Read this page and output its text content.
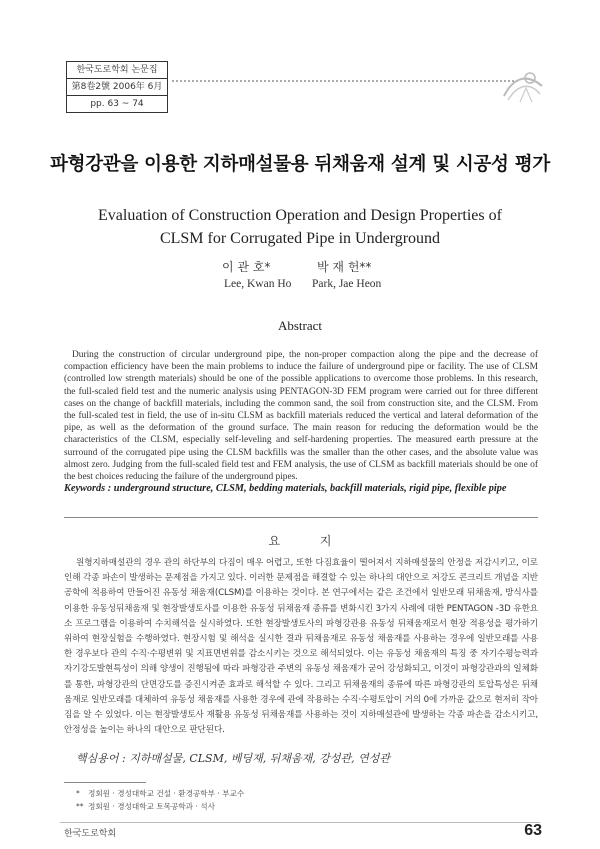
한국도로학회 논문집
第8卷2號 2006年 6月
pp. 63 ~ 74
파형강관을 이용한 지하매설물용 뒤채움재 설계 및 시공성 평가
Evaluation of Construction Operation and Design Properties of CLSM for Corrugated Pipe in Underground
이 관 호*	박 재 헌**
Lee, Kwan Ho Park, Jae Heon
Abstract
During the construction of circular underground pipe, the non-proper compaction along the pipe and the decrease of compaction efficiency have been the main problems to induce the failure of underground pipe or facility. The use of CLSM (controlled low strength materials) should be one of the possible applications to overcome those problems. In this research, the full-scaled field test and the numeric analysis using PENTAGON-3D FEM program were carried out for three different cases on the change of backfill materials, including the common sand, the soil from construction site, and the CLSM. From the full-scaled test in field, the use of in-situ CLSM as backfill materials reduced the vertical and lateral deformation of the pipe, as well as the deformation of the ground surface. The main reason for reducing the deformation would be the characteristics of the CLSM, especially self-leveling and self-hardening properties. The measured earth pressure at the surround of the corrugated pipe using the CLSM backfills was the smaller than the other cases, and the absolute value was almost zero. Judging from the full-scaled field test and FEM analysis, the use of CLSM as backfill materials should be one of the best choices reducing the failure of the underground pipes.
Keywords : underground structure, CLSM, bedding materials, backfill materials, rigid pipe, flexible pipe
요 지
원형지하매설관의 경우 관의 하단부의 다짐이 매우 어렵고, 또한 다짐효율이 떨어져서 지하매설물의 안정을 저감시키고, 이로 인해 각종 파손이 발생하는 문제점을 가지고 있다. 이러한 문제점을 해결할 수 있는 하나의 대안으로 저강도 콘크리트 개념을 지반공학에 적용하여 만들어진 유동성 채움재(CLSM)를 이용하는 것이다. 본 연구에서는 같은 조건에서 일반모래 뒤채움재, 방식사를 이용한 유동성뒤채움재 및 현장발생토사를 이용한 유동성 뒤채움재 종류를 변화시킨 3가지 사례에 대한 PENTAGON -3D 유한요소 프로그램을 이용하여 수치해석을 실시하였다. 또한 현장발생토사의 파형강관용 유동성 뒤채움재로서 현장 적용성을 평가하기 위하여 현장실험을 수행하였다. 현장시험 및 해석을 실시한 결과 뒤채움재로 유동성 채움재를 사용하는 경우에 일반모래를 사용한 경우보다 관의 수직·수평변위 및 지표면변위를 감소시키는 것으로 해석되었다. 이는 유동성 채움재의 특징 중 자기수평능력과 자기강도발현특성이 의해 양생이 진행됨에 따라 파형강관 주변의 유동성 채움재가 굳어 강성화되고, 이것이 파형강관과의 일체화를 통한, 파형강관의 단면강도를 증진시켜준 효과로 해석할 수 있다. 그리고 뒤채움재의 종류에 따른 파형강관의 토압특성은 뒤채움재로 일반모래를 대체하여 유동성 채움재를 사용한 경우에 관에 작용하는 수직·수평토압이 거의 0에 가까운 값으로 현저히 작아짐을 알 수 있었다. 이는 현장발생토사 재활용 유동성 뒤채움재를 사용하는 것이 지하매설관에 발생하는 각종 파손을 감소시키고, 안정성을 높이는 하나의 대안으로 판단된다.
핵심용어 : 지하매설물, CLSM, 베딩재, 뒤채움재, 강성관, 연성관
* 정회원 · 경성대학교 건설 · 환경공학부 · 부교수
** 정회원 · 경성대학교 토목공학과 · 석사
한국도로학회	63
